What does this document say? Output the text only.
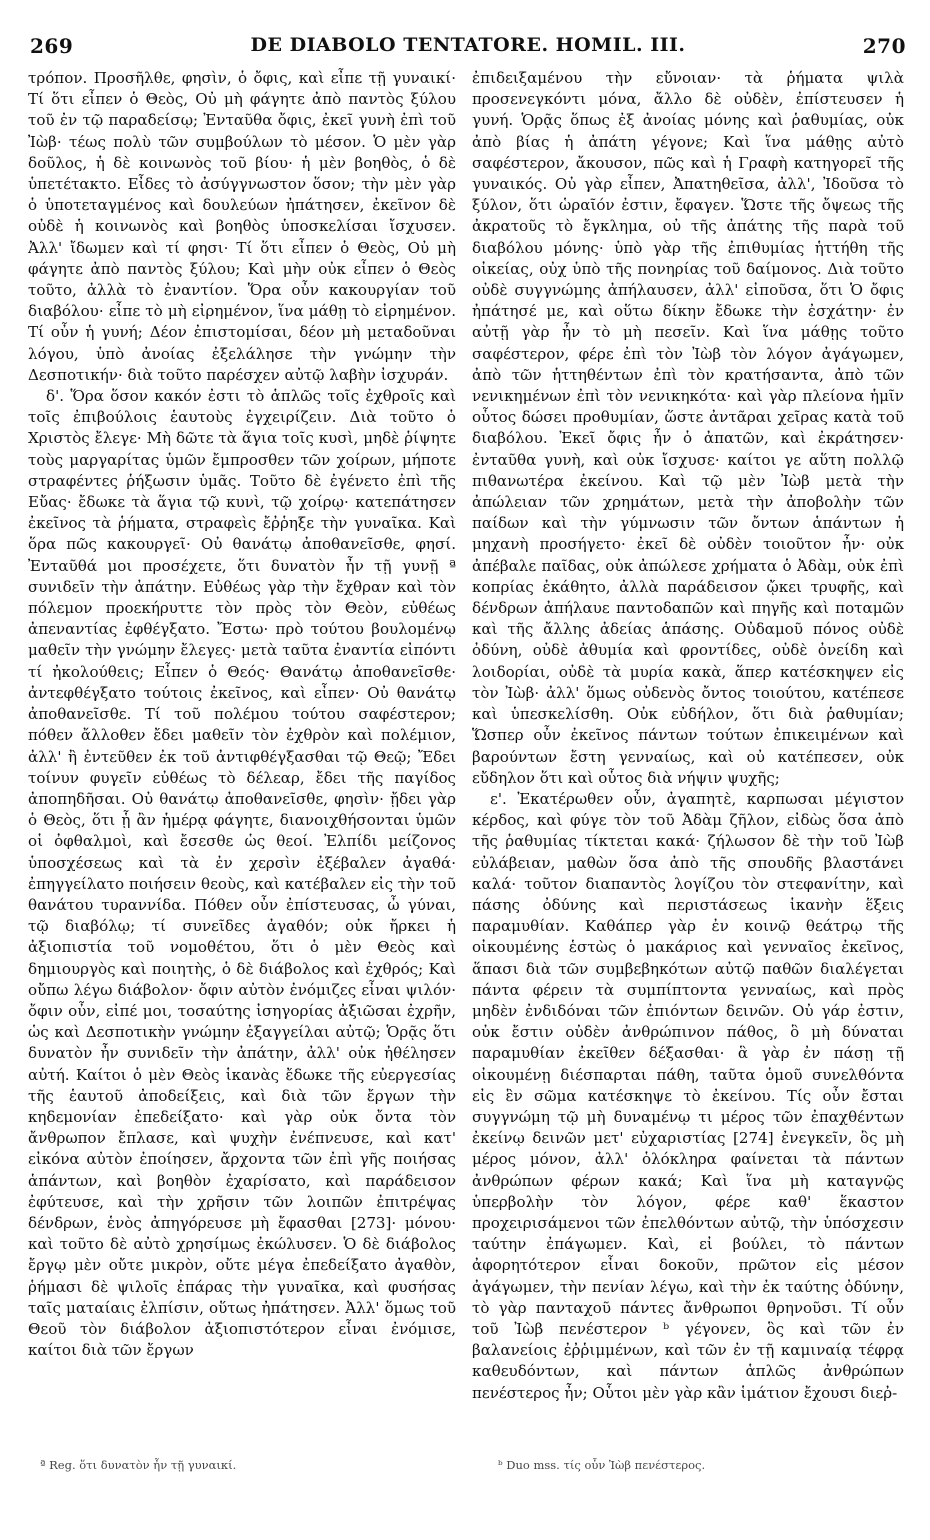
269	DE DIABOLO TENTATORE. HOMIL. III.	270

τρόπον. Προσῆλθε, φησὶν, ὁ ὄφις, καὶ εἶπε τῇ γυναικί· Τί ὅτι εἶπεν ὁ Θεὸς, Οὐ μὴ φάγητε ἀπὸ παντὸς ξύλου τοῦ ἐν τῷ παραδείσῳ; Ἐνταῦθα ὄφις, ἐκεῖ γυνὴ ἐπὶ τοῦ Ἰὼβ· τέως πολὺ τῶν συμβούλων τὸ μέσον. Ὁ μὲν γὰρ δοῦλος, ἡ δὲ κοινωνὸς τοῦ βίου· ἡ μὲν βοηθὸς, ὁ δὲ ὑπετέτακτο. Εἶδες τὸ ἀσύγγνωστον ὅσον; τὴν μὲν γὰρ ὁ ὑποτεταγμένος καὶ δουλεύων ἠπάτησεν, ἐκεῖνον δὲ οὐδὲ ἡ κοινωνὸς καὶ βοηθὸς ὑποσκελίσαι ἴσχυσεν. Ἀλλ' ἴδωμεν καὶ τί φησι· Τί ὅτι εἶπεν ὁ Θεὸς, Οὐ μὴ φάγητε ἀπὸ παντὸς ξύλου; Καὶ μὴν οὐκ εἶπεν ὁ Θεὸς τοῦτο, ἀλλὰ τὸ ἐναντίον. Ὅρα οὖν κακουργίαν τοῦ διαβόλου· εἶπε τὸ μὴ εἰρημένον, ἵνα μάθῃ τὸ εἰρημένον. Τί οὖν ἡ γυνή; Δέον ἐπιστομίσαι, δέον μὴ μεταδοῦναι λόγου, ὑπὸ ἀνοίας ἐξελάλησε τὴν γνώμην τὴν Δεσποτικήν· διὰ τοῦτο παρέσχεν αὐτῷ λαβὴν ἰσχυράν.

δ'. Ὅρα ὅσον κακόν ἐστι τὸ ἁπλῶς τοῖς ἐχθροῖς καὶ τοῖς ἐπιβούλοις ἑαυτοὺς ἐγχειρίζειν. Διὰ τοῦτο ὁ Χριστὸς ἔλεγε· Μὴ δῶτε τὰ ἅγια τοῖς κυσὶ, μηδὲ ῥίψητε τοὺς μαργαρίτας ὑμῶν ἔμπροσθεν τῶν χοίρων, μήποτε στραφέντες ῥήξωσιν ὑμᾶς. Τοῦτο δὲ ἐγένετο ἐπὶ τῆς Εὔας· ἔδωκε τὰ ἅγια τῷ κυνὶ, τῷ χοίρῳ· κατεπάτησεν ἐκεῖνος τὰ ῥήματα, στραφεὶς ἔῤῥηξε τὴν γυναῖκα. Καὶ ὅρα πῶς κακουργεῖ· Οὐ θανάτῳ ἀποθανεῖσθε, φησί. Ἐνταῦθά μοι προσέχετε, ὅτι δυνατὸν ἦν τῇ γυνῇ ª συνιδεῖν τὴν ἀπάτην. Εὐθέως γὰρ τὴν ἔχθραν καὶ τὸν πόλεμον προεκήρυττε τὸν πρὸς τὸν Θεὸν, εὐθέως ἀπεναντίας ἐφθέγξατο. Ἔστω· πρὸ τούτου βουλομένῳ μαθεῖν τὴν γνώμην ἔλεγες· μετὰ ταῦτα ἐναντία εἰπόντι τί ἠκολούθεις; Εἶπεν ὁ Θεός· Θανάτῳ ἀποθανεῖσθε· ἀντεφθέγξατο τούτοις ἐκεῖνος, καὶ εἶπεν· Οὐ θανάτῳ ἀποθανεῖσθε. Τί τοῦ πολέμου τούτου σαφέστερον; πόθεν ἄλλοθεν ἔδει μαθεῖν τὸν ἐχθρὸν καὶ πολέμιον, ἀλλ' ἢ ἐντεῦθεν ἐκ τοῦ ἀντιφθέγξασθαι τῷ Θεῷ; Ἔδει τοίνυν φυγεῖν εὐθέως τὸ δέλεαρ, ἔδει τῆς παγίδος ἀποπηδῆσαι. Οὐ θανάτῳ ἀποθανεῖσθε, φησὶν· ᾔδει γὰρ ὁ Θεὸς, ὅτι ᾗ ἂν ἡμέρᾳ φάγητε, διανοιχθήσονται ὑμῶν οἱ ὀφθαλμοὶ, καὶ ἔσεσθε ὡς θεοί. Ἐλπίδι μείζονος ὑποσχέσεως καὶ τὰ ἐν χερσὶν ἐξέβαλεν ἀγαθά· ἐπηγγείλατο ποιήσειν θεοὺς, καὶ κατέβαλεν εἰς τὴν τοῦ θανάτου τυραννίδα. Πόθεν οὖν ἐπίστευσας, ὦ γύναι, τῷ διαβόλῳ; τί συνεῖδες ἀγαθόν; οὐκ ἤρκει ἡ ἀξιοπιστία τοῦ νομοθέτου, ὅτι ὁ μὲν Θεὸς καὶ δημιουργὸς καὶ ποιητὴς, ὁ δὲ διάβολος καὶ ἐχθρός; Καὶ οὔπω λέγω διάβολον· ὄφιν αὐτὸν ἐνόμιζες εἶναι ψιλόν· ὄφιν οὖν, εἰπέ μοι, τοσαύτης ἰσηγορίας ἀξιῶσαι ἐχρῆν, ὡς καὶ Δεσποτικὴν γνώμην ἐξαγγείλαι αὐτῷ; Ὁρᾷς ὅτι δυνατὸν ἦν συνιδεῖν τὴν ἀπάτην, ἀλλ' οὐκ ἠθέλησεν αὐτή. Καίτοι ὁ μὲν Θεὸς ἱκανὰς ἔδωκε τῆς εὐεργεσίας τῆς ἑαυτοῦ ἀποδείξεις, καὶ διὰ τῶν ἔργων τὴν κηδεμονίαν ἐπεδείξατο· καὶ γὰρ οὐκ ὄντα τὸν ἄνθρωπον ἔπλασε, καὶ ψυχὴν ἐνέπνευσε, καὶ κατ' εἰκόνα αὐτὸν ἐποίησεν, ἄρχοντα τῶν ἐπὶ γῆς ποιήσας ἁπάντων, καὶ βοηθὸν ἐχαρίσατο, καὶ παράδεισον ἐφύτευσε, καὶ τὴν χρῆσιν τῶν λοιπῶν ἐπιτρέψας δένδρων, ἑνὸς ἀπηγόρευσε μὴ ἔφασθαι [273]· μόνου· καὶ τοῦτο δὲ αὐτὸ χρησίμως ἐκώλυσεν. Ὁ δὲ διάβολος ἔργῳ μὲν οὔτε μικρὸν, οὔτε μέγα ἐπεδείξατο ἀγαθὸν, ῥήμασι δὲ ψιλοῖς ἐπάρας τὴν γυναῖκα, καὶ φυσήσας ταῖς ματαίαις ἐλπίσιν, οὕτως ἠπάτησεν. Ἀλλ' ὅμως τοῦ Θεοῦ τὸν διάβολον ἀξιοπιστότερον εἶναι ἐνόμισε, καίτοι διὰ τῶν ἔργων

ἐπιδειξαμένου τὴν εὔνοιαν· τὰ ῥήματα ψιλὰ προσενεγκόντι μόνα, ἄλλο δὲ οὐδὲν, ἐπίστευσεν ἡ γυνή. Ὁρᾷς ὅπως ἐξ ἀνοίας μόνης καὶ ῥαθυμίας, οὐκ ἀπὸ βίας ἡ ἀπάτη γέγονε; Καὶ ἵνα μάθῃς αὐτὸ σαφέστερον, ἄκουσον, πῶς καὶ ἡ Γραφὴ κατηγορεῖ τῆς γυναικός. Οὐ γὰρ εἶπεν, Ἀπατηθεῖσα, ἀλλ', Ἰδοῦσα τὸ ξύλον, ὅτι ὡραῖόν ἐστιν, ἔφαγεν. Ὥστε τῆς ὄψεως τῆς ἀκρατοῦς τὸ ἔγκλημα, οὐ τῆς ἀπάτης τῆς παρὰ τοῦ διαβόλου μόνης· ὑπὸ γὰρ τῆς ἐπιθυμίας ἡττήθη τῆς οἰκείας, οὐχ ὑπὸ τῆς πονηρίας τοῦ δαίμονος. Διὰ τοῦτο οὐδὲ συγγνώμης ἀπήλαυσεν, ἀλλ' εἰποῦσα, ὅτι Ὁ ὄφις ἠπάτησέ με, καὶ οὕτω δίκην ἔδωκε τὴν ἐσχάτην· ἐν αὐτῇ γὰρ ἦν τὸ μὴ πεσεῖν. Καὶ ἵνα μάθῃς τοῦτο σαφέστερον, φέρε ἐπὶ τὸν Ἰὼβ τὸν λόγον ἀγάγωμεν, ἀπὸ τῶν ἡττηθέντων ἐπὶ τὸν κρατήσαντα, ἀπὸ τῶν νενικημένων ἐπὶ τὸν νενικηκότα· καὶ γὰρ πλείονα ἡμῖν οὗτος δώσει προθυμίαν, ὥστε ἀντᾶραι χεῖρας κατὰ τοῦ διαβόλου. Ἐκεῖ ὄφις ἦν ὁ ἀπατῶν, καὶ ἐκράτησεν· ἐνταῦθα γυνὴ, καὶ οὐκ ἴσχυσε· καίτοι γε αὕτη πολλῷ πιθανωτέρα ἐκείνου. Καὶ τῷ μὲν Ἰὼβ μετὰ τὴν ἀπώλειαν τῶν χρημάτων, μετὰ τὴν ἀποβολὴν τῶν παίδων καὶ τὴν γύμνωσιν τῶν ὄντων ἁπάντων ἡ μηχανὴ προσήγετο· ἐκεῖ δὲ οὐδὲν τοιοῦτον ἦν· οὐκ ἀπέβαλε παῖδας, οὐκ ἀπώλεσε χρήματα ὁ Ἀδὰμ, οὐκ ἐπὶ κοπρίας ἐκάθητο, ἀλλὰ παράδεισον ᾤκει τρυφῆς, καὶ δένδρων ἀπήλαυε παντοδαπῶν καὶ πηγῆς καὶ ποταμῶν καὶ τῆς ἄλλης ἀδείας ἁπάσης. Οὐδαμοῦ πόνος οὐδὲ ὀδύνη, οὐδὲ ἀθυμία καὶ φροντίδες, οὐδὲ ὀνείδη καὶ λοιδορίαι, οὐδὲ τὰ μυρία κακὰ, ἅπερ κατέσκηψεν εἰς τὸν Ἰὼβ· ἀλλ' ὅμως οὐδενὸς ὄντος τοιούτου, κατέπεσε καὶ ὑπεσκελίσθη. Οὐκ εὐδήλον, ὅτι διὰ ῥαθυμίαν; Ὥσπερ οὖν ἐκεῖνος πάντων τούτων ἐπικειμένων καὶ βαρούντων ἔστη γενναίως, καὶ οὐ κατέπεσεν, οὐκ εὔδηλον ὅτι καὶ οὗτος διὰ νήψιν ψυχῆς;

ε'. Ἐκατέρωθεν οὖν, ἀγαπητὲ, καρπωσαι μέγιστον κέρδος, καὶ φύγε τὸν τοῦ Ἀδὰμ ζῆλον, εἰδὼς ὅσα ἀπὸ τῆς ῥαθυμίας τίκτεται κακά· ζήλωσον δὲ τὴν τοῦ Ἰὼβ εὐλάβειαν, μαθὼν ὅσα ἀπὸ τῆς σπουδῆς βλαστάνει καλά· τοῦτον διαπαντὸς λογίζου τὸν στεφανίτην, καὶ πάσης ὀδύνης καὶ περιστάσεως ἱκανὴν ἕξεις παραμυθίαν. Καθάπερ γὰρ ἐν κοινῷ θεάτρῳ τῆς οἰκουμένης ἑστὼς ὁ μακάριος καὶ γενναῖος ἐκεῖνος, ἅπασι διὰ τῶν συμβεβηκότων αὐτῷ παθῶν διαλέγεται πάντα φέρειν τὰ συμπίπτοντα γενναίως, καὶ πρὸς μηδὲν ἐνδιδόναι τῶν ἐπιόντων δεινῶν. Οὐ γάρ ἐστιν, οὐκ ἔστιν οὐδὲν ἀνθρώπινον πάθος, ὃ μὴ δύναται παραμυθίαν ἐκεῖθεν δέξασθαι· ἃ γὰρ ἐν πάσῃ τῇ οἰκουμένῃ διέσπαρται πάθη, ταῦτα ὁμοῦ συνελθόντα εἰς ἓν σῶμα κατέσκηψε τὸ ἐκείνου. Τίς οὖν ἔσται συγγνώμη τῷ μὴ δυναμένῳ τι μέρος τῶν ἐπαχθέντων ἐκείνῳ δεινῶν μετ' εὐχαριστίας [274] ἐνεγκεῖν, ὃς μὴ μέρος μόνον, ἀλλ' ὁλόκληρα φαίνεται τὰ πάντων ἀνθρώπων φέρων κακά; Καὶ ἵνα μὴ καταγνῷς ὑπερβολὴν τὸν λόγον, φέρε καθ' ἕκαστον προχειρισάμενοι τῶν ἐπελθόντων αὐτῷ, τὴν ὑπόσχεσιν ταύτην ἐπάγωμεν. Καὶ, εἰ βούλει, τὸ πάντων ἀφορητότερον εἶναι δοκοῦν, πρῶτον εἰς μέσον ἀγάγωμεν, τὴν πενίαν λέγω, καὶ τὴν ἐκ ταύτης ὀδύνην, τὸ γὰρ πανταχοῦ πάντες ἄνθρωποι θρηνοῦσι. Τί οὖν τοῦ Ἰὼβ πενέστερον ᵇ γέγονεν, ὃς καὶ τῶν ἐν βαλανείοις ἐῤῥιμμένων, καὶ τῶν ἐν τῇ καμιναίᾳ τέφρᾳ καθευδόντων, καὶ πάντων ἁπλῶς ἀνθρώπων πενέστερος ἦν; Οὗτοι μὲν γὰρ κἂν ἱμάτιον ἔχουσι διεῤ-

ª Reg. ὅτι δυνατὸν ἦν τῇ γυναικί.	ᵇ Duo mss. τίς οὖν Ἰὼβ πενέστερος.
